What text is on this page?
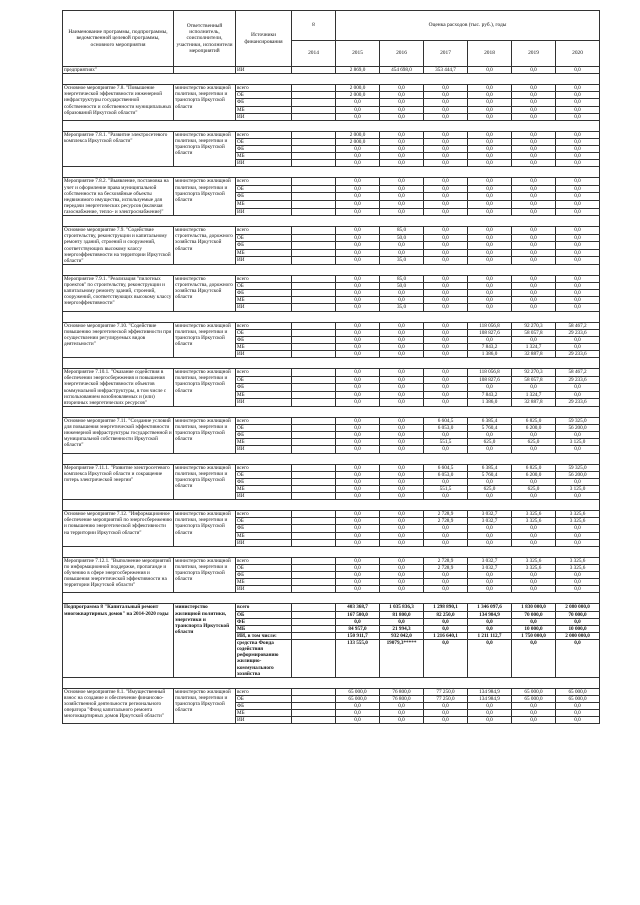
Наименование программы, подпрограммы, ведомственной целевой программы, основного мероприятия	Ответственный исполнитель, соисполнители, участники, исполнители мероприятий	Источники финансирования	8	Оценка расходов (тыс. руб.), годы						
			2014	2015	2016	2017	2018	2019	2020	
предприятиях"		ИИ		2 869,0	454 698,0	353 444,7	0,0	0,0	0,0	

Основное мероприятие 7.8. "Повышение энергетической эффективности инженерной инфраструктуры государственной собственности и собственности муниципальных образований Иркутской области"	министерство жилищной политики, энергетики и транспорта Иркутской области	всего		2 000,0	0,0	0,0	0,0	0,0	0,0	
		ОБ		2 000,0	0,0	0,0	0,0	0,0	0,0	
		ФБ		0,0	0,0	0,0	0,0	0,0	0,0	
		МБ		0,0	0,0	0,0	0,0	0,0	0,0	
		ИИ		0,0	0,0	0,0	0,0	0,0	0,0	

Мероприятие 7.8.1. "Развитие электросетевого комплекса Иркутской области"	министерство жилищной политики, энергетики и транспорта Иркутской области	всего		2 000,0	0,0	0,0	0,0	0,0	0,0	
		ОБ		2 000,0	0,0	0,0	0,0	0,0	0,0	
		ФБ		0,0	0,0	0,0	0,0	0,0	0,0	
		МБ		0,0	0,0	0,0	0,0	0,0	0,0	
		ИИ		0,0	0,0	0,0	0,0	0,0	0,0	

Мероприятие 7.8.2. "Выявление, постановка на учет и оформление права муниципальной собственности на бесхозяйные объекты недвижимого имущества, используемые для передачи энергетических ресурсов (включая газоснабжение, тепло- и электроснабжение)"	министерство жилищной политики, энергетики и транспорта Иркутской области	всего		0,0	0,0	0,0	0,0	0,0	0,0	
		ОБ		0,0	0,0	0,0	0,0	0,0	0,0	
		ФБ		0,0	0,0	0,0	0,0	0,0	0,0	
		МБ		0,0	0,0	0,0	0,0	0,0	0,0	
		ИИ		0,0	0,0	0,0	0,0	0,0	0,0	

Основное мероприятие 7.9. "Содействие строительству, реконструкции и капитальному ремонту зданий, строений и сооружений, соответствующих высокому классу энергоэффективности на территории Иркутской области"	министерство строительства, дорожного хозяйства Иркутской области	всего		0,0	85,0	0,0	0,0	0,0	0,0	
		ОБ		0,0	50,0	0,0	0,0	0,0	0,0	
		ФБ		0,0	0,0	0,0	0,0	0,0	0,0	
		МБ		0,0	0,0	0,0	0,0	0,0	0,0	
		ИИ		0,0	35,0	0,0	0,0	0,0	0,0	

Мероприятие 7.9.1. "Реализация "пилотных проектов" по строительству, реконструкции и капитальному ремонту зданий, строений, сооружений, соответствующих высокому классу энергоэффективности"	министерство строительства, дорожного хозяйства Иркутской области	всего		0,0	85,0	0,0	0,0	0,0	0,0	
		ОБ		0,0	50,0	0,0	0,0	0,0	0,0	
		ФБ		0,0	0,0	0,0	0,0	0,0	0,0	
		МБ		0,0	0,0	0,0	0,0	0,0	0,0	
		ИИ		0,0	35,0	0,0	0,0	0,0	0,0	

Основное мероприятие 7.10. "Содействие повышению энергетической эффективности при осуществлении регулируемых видов деятельности"	министерство жилищной политики, энергетики и транспорта Иркутской области	всего		0,0	0,0	0,0	118 056,8	92 270,3	58 467,2	
		ОБ		0,0	0,0	0,0	108 827,6	58 057,8	29 233,6	
		ФБ		0,0	0,0	0,0	0,0	0,0	0,0	
		МБ		0,0	0,0	0,0	7 843,2	1 324,7	0,0	
		ИИ		0,0	0,0	0,0	1 386,0	32 887,8	29 233,6	

Мероприятие 7.10.1. "Оказание содействия в обеспечении энергосбережения и повышения энергетической эффективности объектов коммунальной инфраструктуры, в том числе с использованием возобновляемых и (или) вторичных энергетических ресурсов"	министерство жилищной политики, энергетики и транспорта Иркутской области	всего		0,0	0,0	0,0	118 056,8	92 270,3	58 467,2	
		ОБ		0,0	0,0	0,0	108 827,6	58 057,8	29 233,6	
		ФБ		0,0	0,0	0,0	0,0	0,0	0,0	
		МБ		0,0	0,0	0,0	7 843,2	1 324,7	0,0	
		ИИ		0,0	0,0	0,0	1 386,0	32 887,8	29 233,6	

Основное мероприятие 7.11. "Создание условий для повышения энергетической эффективности инженерной инфраструктуры государственной и муниципальной собственности Иркутской области"	министерство жилищной политики, энергетики и транспорта Иркутской области	всего		0,0	0,0	6 604,5	6 385,4	6 825,0	59 325,0	
		ОБ		0,0	0,0	6 053,0	5 760,4	6 200,0	56 200,0	
		ФБ		0,0	0,0	0,0	0,0	0,0	0,0	
		МБ		0,0	0,0	551,5	625,0	625,0	3 125,0	
		ИИ		0,0	0,0	0,0	0,0	0,0	0,0	

Мероприятие 7.11.1. "Развитие электросетевого комплекса Иркутской области и сокращение потерь электрической энергии"	министерство жилищной политики, энергетики и транспорта Иркутской области	всего		0,0	0,0	6 604,5	6 385,4	6 825,0	59 325,0	
		ОБ		0,0	0,0	6 053,0	5 760,4	6 200,0	56 200,0	
		ФБ		0,0	0,0	0,0	0,0	0,0	0,0	
		МБ		0,0	0,0	551,5	625,0	625,0	3 125,0	
		ИИ		0,0	0,0	0,0	0,0	0,0	0,0	

Основное мероприятие 7.12. "Информационное обеспечение мероприятий по энергосбережению и повышению энергетической эффективности на территории Иркутской области"	министерство жилищной политики, энергетики и транспорта Иркутской области	всего		0,0	0,0	2 728,9	3 032,7	3 325,6	3 325,6	
		ОБ		0,0	0,0	2 728,9	3 032,7	3 325,6	3 325,6	
		ФБ		0,0	0,0	0,0	0,0	0,0	0,0	
		МБ		0,0	0,0	0,0	0,0	0,0	0,0	
		ИИ		0,0	0,0	0,0	0,0	0,0	0,0	

Мероприятие 7.12.1. "Выполнение мероприятий по информационной поддержке, пропаганде и обучению в сфере энергосбережения и повышения энергетической эффективности на территории Иркутской области"	министерство жилищной политики, энергетики и транспорта Иркутской области	всего		0,0	0,0	2 728,9	3 032,7	3 325,6	3 325,6	
		ОБ		0,0	0,0	2 728,9	3 032,7	3 325,6	3 325,6	
		ФБ		0,0	0,0	0,0	0,0	0,0	0,0	
		МБ		0,0	0,0	0,0	0,0	0,0	0,0	
		ИИ		0,0	0,0	0,0	0,0	0,0	0,0	

Подпрограмма 8 "Капитальный ремонт многоквартирных домов" на 2014-2020 годы	министерство жилищной политики, энергетики и транспорта Иркутской области	всего		403 368,7	1 035 836,3	1 298 890,1	1 346 097,6	1 830 000,0	2 080 000,0	
		ОБ		167 500,0	81 800,0	82 250,0	134 984,9	70 000,0	70 000,0	
		ФБ		0,0	0,0	0,0	0,0	0,0	0,0	
		МБ		84 957,0	21 994,3	0,0	0,0	10 000,0	10 000,0	
		ИИ, в том числе:		150 911,7	932 042,0	1 216 640,1	1 211 112,7	1 750 000,0	2 000 000,0	
		средства Фонда содействия реформированию жилищно-коммунального хозяйства		133 555,0	19079,3*****	0,0	0,0	0,0	0,0	

Основное мероприятие 8.1. "Имущественный взнос на создание и обеспечение финансово-хозяйственной деятельности регионального оператора "Фонд капитального ремонта многоквартирных домов Иркутской области"	министерство жилищной политики, энергетики и транспорта Иркутской области	всего		65 000,0	76 800,0	77 250,0	134 984,9	65 000,0	65 000,0	
		ОБ		65 000,0	76 800,0	77 250,0	134 984,9	65 000,0	65 000,0	
		ФБ		0,0	0,0	0,0	0,0	0,0	0,0	
		МБ		0,0	0,0	0,0	0,0	0,0	0,0	
		ИИ		0,0	0,0	0,0	0,0	0,0	0,0	
